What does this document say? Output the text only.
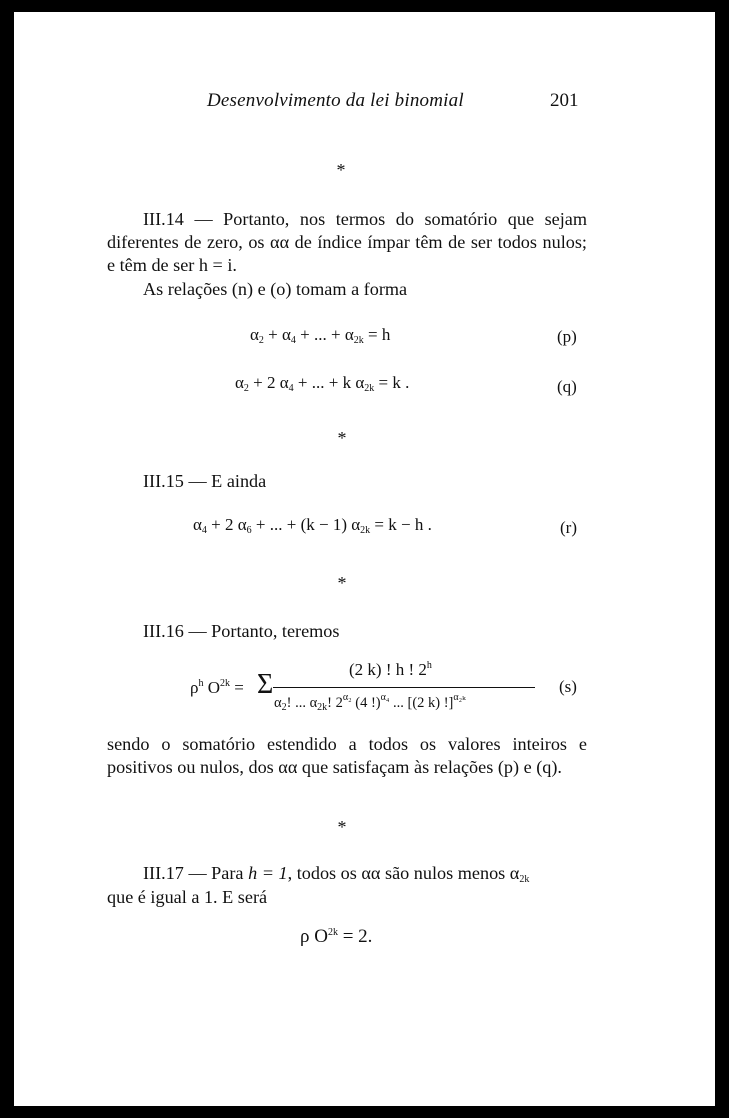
Desenvolvimento da lei binomial	201
*
III.14 — Portanto, nos termos do somatório que sejam diferentes de zero, os αα de índice ímpar têm de ser todos nulos; e têm de ser h = i.
As relações (n) e (o) tomam a forma
$\alpha_2 + \alpha_4$ + ... + $\alpha_{2k} = h$	(p)
$\alpha_2 + 2$ $\alpha_4$ + ... + k $\alpha_{2k} = k$ .	(q)
*
III.15 — E ainda
$\alpha_4 + 2$ $\alpha_6$ + ... + (k − 1) $\alpha_{2k} = k - h$ .	(r)
*
III.16 — Portanto, teremos
$\rho^h$ $O^{2k} = \Sigma$	(2 k) ! h ! 2$^h$
$\alpha_2$! ... $\alpha_{2k}$! $2^{\alpha_2}$ (4 !)$^{\alpha_4}$ ... [(2 k) !]$^{\alpha_{2k}}$
(s)
sendo o somatório estendido a todos os valores inteiros e positivos ou nulos, dos αα que satisfaçam às relações (p) e (q).
*
III.17 — Para h = 1, todos os αα são nulos menos $\alpha_{2k}$
que é igual a 1. E será
ρ $O^{2k} = 2$.
